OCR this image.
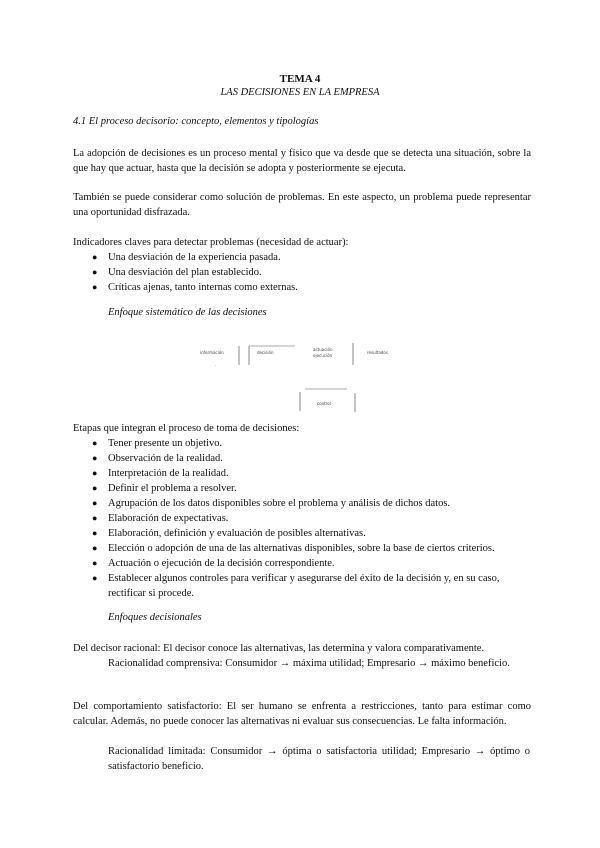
TEMA 4
LAS DECISIONES EN LA EMPRESA
4.1 El proceso decisorio: concepto, elementos y tipologías
La adopción de decisiones es un proceso mental y físico que va desde que se detecta una situación, sobre la que hay que actuar, hasta que la decisión se adopta y posteriormente se ejecuta.
También se puede considerar como solución de problemas. En este aspecto, un problema puede representar una oportunidad disfrazada.
Indicadores claves para detectar problemas (necesidad de actuar):
● Una desviación de la experiencia pasada.
● Una desviación del plan establecido.
● Críticas ajenas, tanto internas como externas.
Enfoque sistemático de las decisiones
información	decisión
actuación
ejecución
resultados
.
control
Etapas que integran el proceso de toma de decisiones:
● Tener presente un objetivo.
● Observación de la realidad.
● Interpretación de la realidad.
● Definir el problema a resolver.
● Agrupación de los datos disponibles sobre el problema y análisis de dichos datos.
● Elaboración de expectativas.
● Elaboración, definición y evaluación de posibles alternativas.
● Elección o adopción de una de las alternativas disponibles, sobre la base de ciertos criterios.
● Actuación o ejecución de la decisión correspondiente.
● Establecer algunos controles para verificar y asegurarse del éxito de la decisión y, en su caso, rectificar si procede.
Enfoques decisionales
Del decisor racional: El decisor conoce las alternativas, las determina y valora comparativamente.
Racionalidad comprensiva: Consumidor → máxima utilidad; Empresario → máximo beneficio.
Del comportamiento satisfactorio: El ser humano se enfrenta a restricciones, tanto para estimar como calcular. Además, no puede conocer las alternativas ni evaluar sus consecuencias. Le falta información.
Racionalidad limitada: Consumidor → óptima o satisfactoria utilidad; Empresario → óptimo o satisfactorio beneficio.
